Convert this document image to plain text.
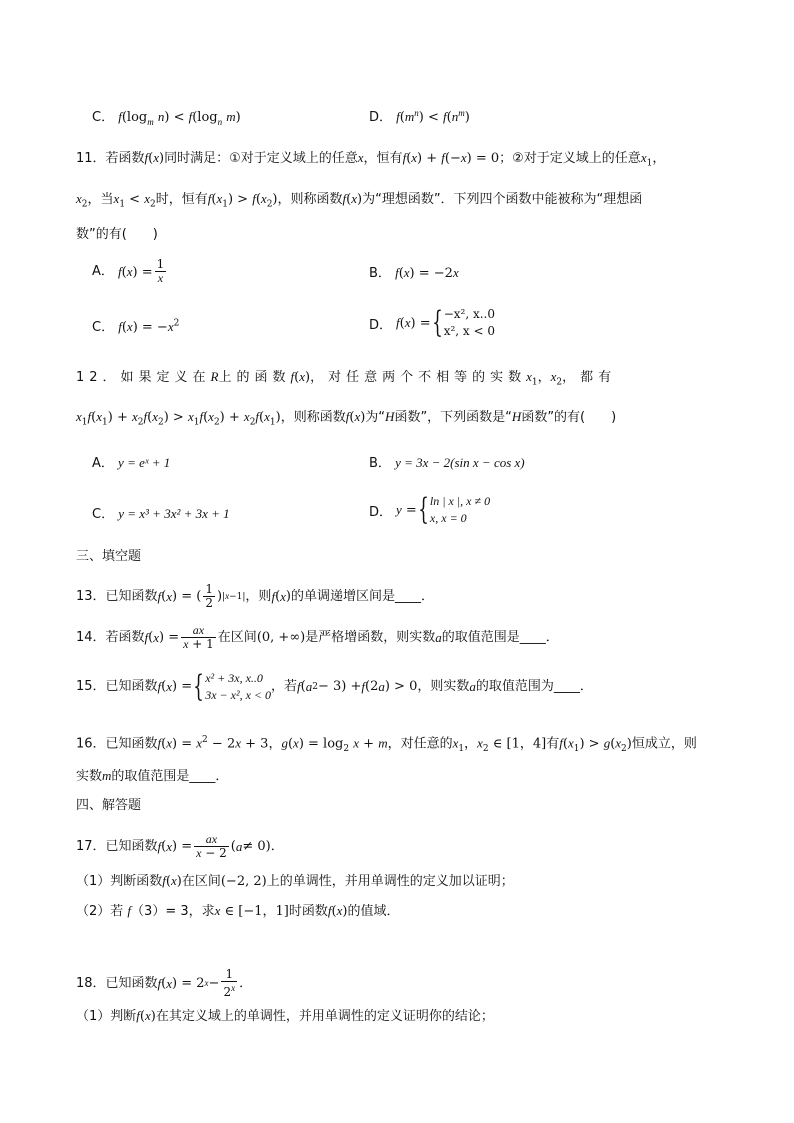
C． $f(\log_m$ $n) < f(\log_n$ m)	D． $f(m^n) < f(n^m)$
11．若函数f(x)同时满足：①对于定义域上的任意x，恒有f(x) + f(−x) = 0；②对于定义域上的任意$x_1$，
$x_2$，当$x_1 < x_2$时，恒有$f(x_1) > f(x_2)$，则称函数f(x)为“理想函数”．下列四个函数中能被称为“理想函
数”的有(　　)
A． $f(x) = \frac{1}{x}$	B． f(x) = −2x
C． $f(x) = -x^2$	D． f ( x ) = { −x², x..0
x², x < 0
12．如果定义在R上的函数f(x)，对任意两个不相等的实数$x_1$，$x_2$，都有
$x_1f(x_1) + x_2f(x_2) > x_1f(x_2) + x_2f(x_1)$，则称函数f(x)为“H函数”，下列函数是“H函数”的有(　　)
A． y = eˣ + 1	B． y = 3x − 2(sin x − cos x)
C． y = x³ + 3x² + 3x + 1	D． y = { ln | x |, x ≠ 0
x, x = 0
三、填空题
13．已知函数 f ( x ) = ( $\frac{1}{2}$ ) |x−1| ，则 f ( x ) 的单调递增区间是____．
14．若函数 f ( x ) = $\frac{ax}{x + 1}$ 在区间 (0, +∞) 是严格增函数，则实数 a 的取值范围是____．
15．已知函数 f ( x ) = { x² + 3x, x..0
3x − x², x < 0
，若 f ( a 2 − 3) + f (2 a ) > 0 ，则实数 a 的取值范围为____．
16．已知函数$f(x) = x^2 - 2x + 3$，$g(x) = \log_2 x + m$，对任意的$x_1$，$x_2$ ∈ [1，4]有$f(x_1) > g(x_2)$恒成立，则
实数m的取值范围是____．
四、解答题
17．已知函数 f ( x ) = $\frac{ax}{x - 2}$ ( a ≠ 0) ．
（1）判断函数f(x)在区间(−2, 2)上的单调性，并用单调性的定义加以证明；
（2）若 f（3）= 3，求x ∈ [−1，1]时函数f(x)的值域．
18．已知函数 f ( x ) = 2 $x - \frac{1}{2^x}$ ．
（1）判断f(x)在其定义域上的单调性，并用单调性的定义证明你的结论；
